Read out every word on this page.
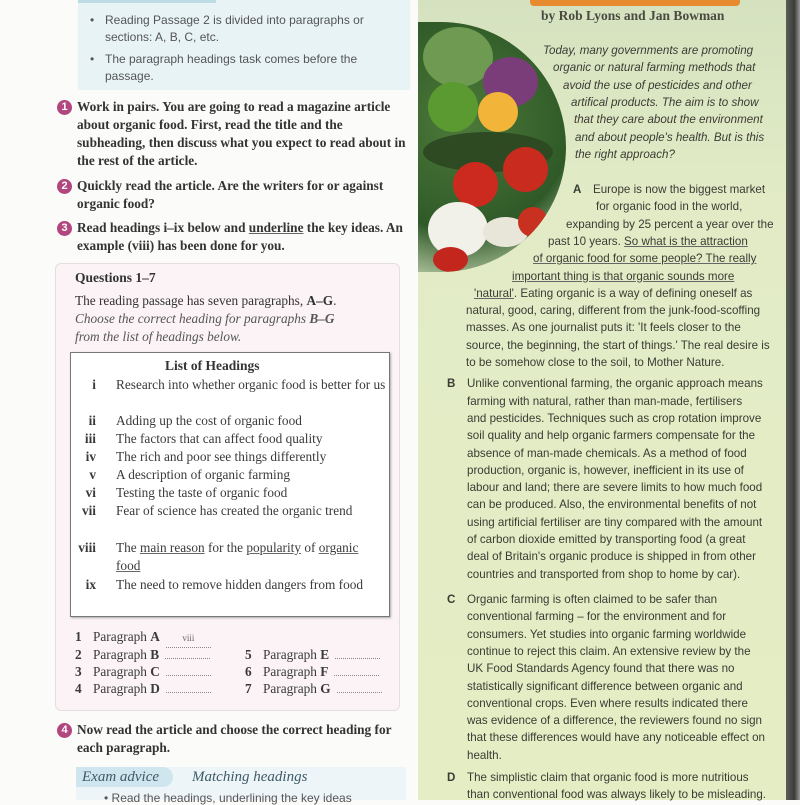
• Reading Passage 2 is divided into paragraphs or sections: A, B, C, etc.
• The paragraph headings task comes before the passage.
1 Work in pairs. You are going to read a magazine article about organic food. First, read the title and the subheading, then discuss what you expect to read about in the rest of the article.
2 Quickly read the article. Are the writers for or against organic food?
3 Read headings i–ix below and underline the key ideas. An example (viii) has been done for you.
Questions 1–7
The reading passage has seven paragraphs, A–G.
Choose the correct heading for paragraphs B–G
from the list of headings below.
List of Headings
i Research into whether organic food is better for us
ii Adding up the cost of organic food
iii The factors that can affect food quality
iv The rich and poor see things differently
v A description of organic farming
vi Testing the taste of organic food
vii Fear of science has created the organic trend
viii The main reason for the popularity of organic food
ix The need to remove hidden dangers from food
1 Paragraph A viii
2 Paragraph B
3 Paragraph C
4 Paragraph D
5 Paragraph E
6 Paragraph F
7 Paragraph G
4 Now read the article and choose the correct heading for each paragraph.
Exam advice	Matching headings
• Read the headings, underlining the key ideas
by Rob Lyons and Jan Bowman
Today, many governments are promoting
organic or natural farming methods that
avoid the use of pesticides and other
artifical products. The aim is to show
that they care about the environment
and about people's health. But is this
the right approach?
A Europe is now the biggest market
for organic food in the world,
expanding by 25 percent a year over the
past 10 years. So what is the attraction
of organic food for some people? The really
important thing is that organic sounds more
'natural'. Eating organic is a way of defining oneself as
natural, good, caring, different from the junk-food-scoffing
masses. As one journalist puts it: 'It feels closer to the
source, the beginning, the start of things.' The real desire is
to be somehow close to the soil, to Mother Nature.
B Unlike conventional farming, the organic approach means
farming with natural, rather than man-made, fertilisers
and pesticides. Techniques such as crop rotation improve
soil quality and help organic farmers compensate for the
absence of man-made chemicals. As a method of food
production, organic is, however, inefficient in its use of
labour and land; there are severe limits to how much food
can be produced. Also, the environmental benefits of not
using artificial fertiliser are tiny compared with the amount
of carbon dioxide emitted by transporting food (a great
deal of Britain's organic produce is shipped in from other
countries and transported from shop to home by car).
C Organic farming is often claimed to be safer than
conventional farming – for the environment and for
consumers. Yet studies into organic farming worldwide
continue to reject this claim. An extensive review by the
UK Food Standards Agency found that there was no
statistically significant difference between organic and
conventional crops. Even where results indicated there
was evidence of a difference, the reviewers found no sign
that these differences would have any noticeable effect on
health.
D The simplistic claim that organic food is more nutritious
than conventional food was always likely to be misleading.
